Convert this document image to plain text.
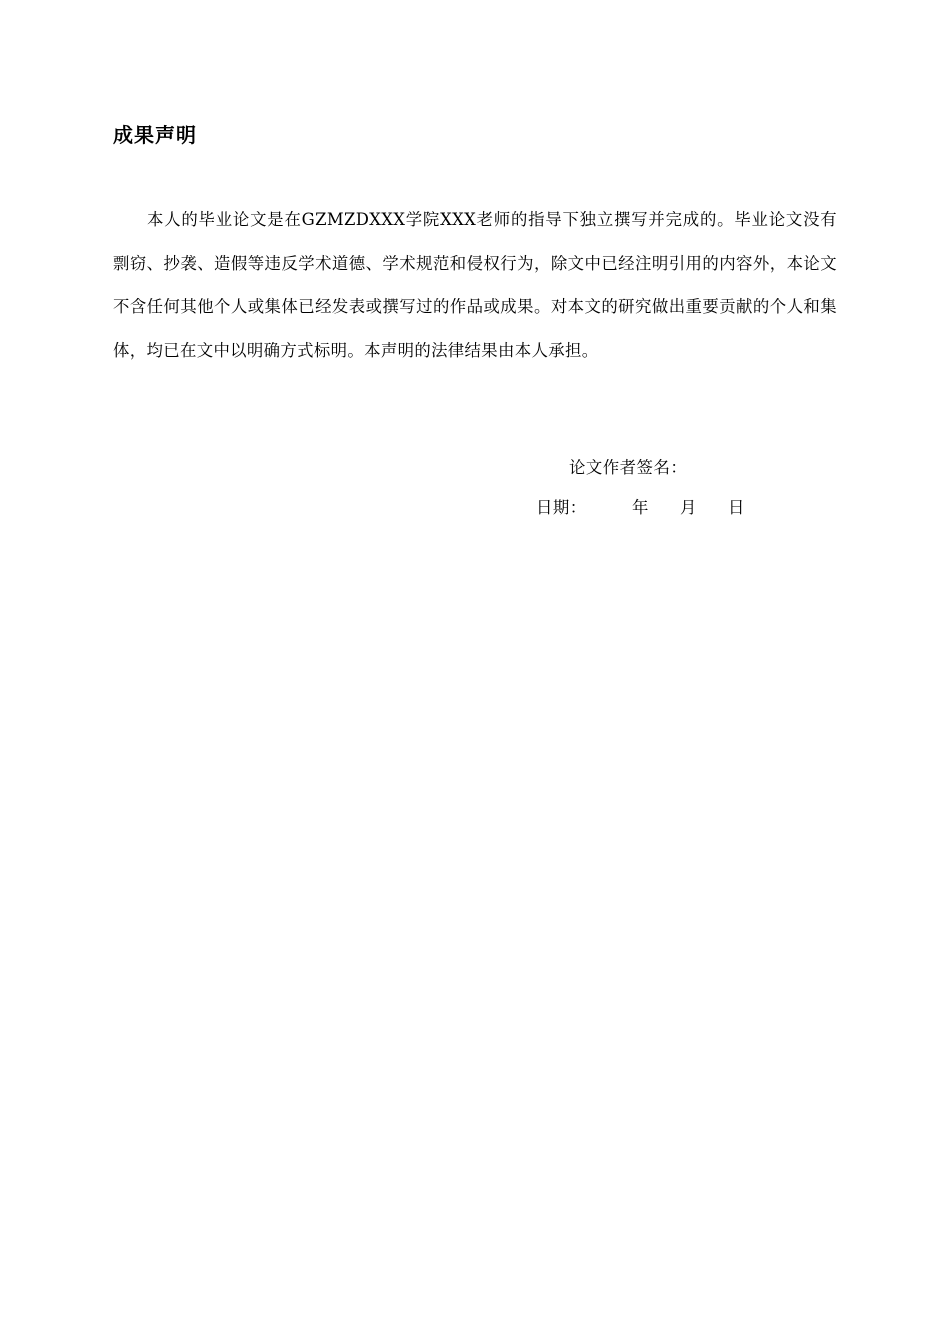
成果声明

本人的毕业论文是在GZMZDXXX学院XXX老师的指导下独立撰写并完成的。毕业论文没有剽窃、抄袭、造假等违反学术道德、学术规范和侵权行为，除文中已经注明引用的内容外，本论文不含任何其他个人或集体已经发表或撰写过的作品或成果。对本文的研究做出重要贡献的个人和集体，均已在文中以明确方式标明。本声明的法律结果由本人承担。

论文作者签名：
日期：	年 月 日
